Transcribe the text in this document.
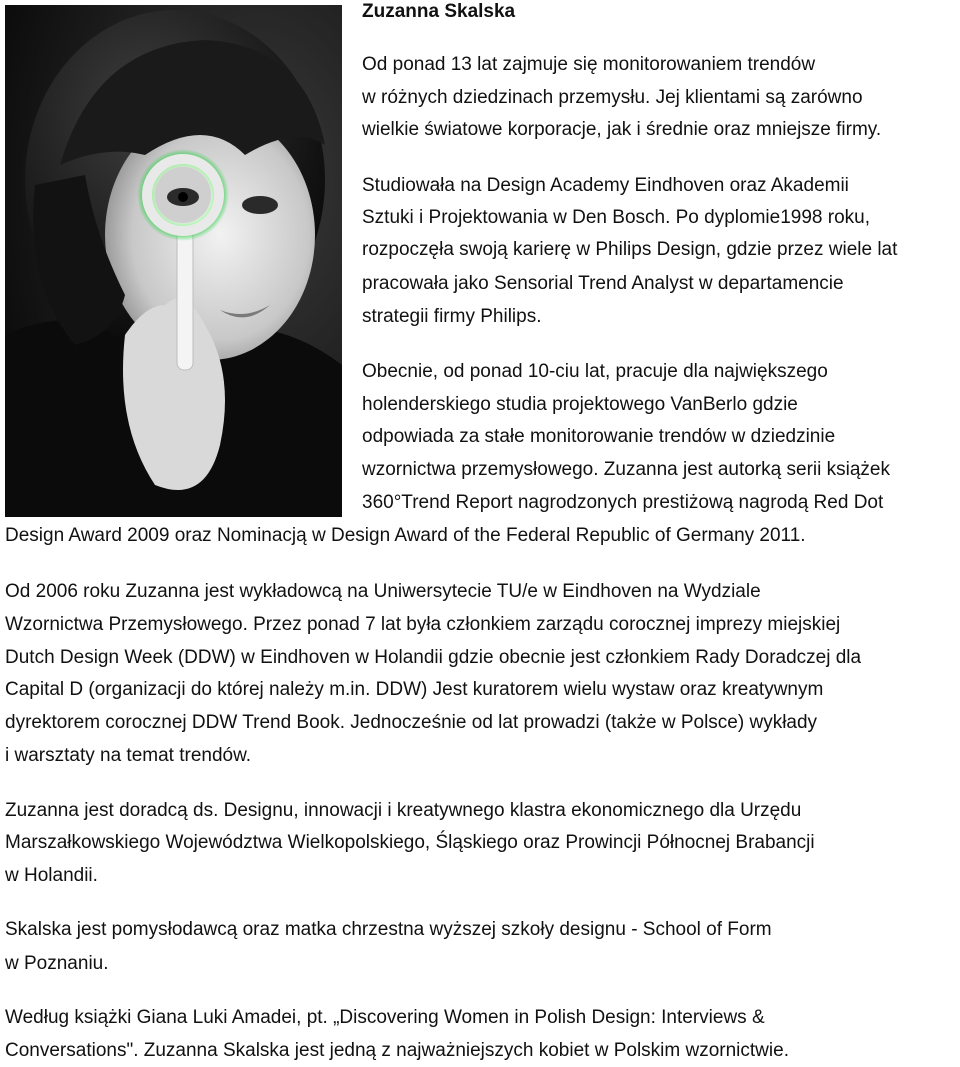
Zuzanna Skalska
Od ponad 13 lat zajmuje się monitorowaniem trendów
w różnych dziedzinach przemysłu. Jej klientami są zarówno
wielkie światowe korporacje, jak i średnie oraz mniejsze firmy.
Studiowała na Design Academy Eindhoven oraz Akademii
Sztuki i Projektowania w Den Bosch. Po dyplomie1998 roku,
rozpoczęła swoją karierę w Philips Design, gdzie przez wiele lat
pracowała jako Sensorial Trend Analyst w departamencie
strategii firmy Philips.
Obecnie, od ponad 10-ciu lat, pracuje dla największego
holenderskiego studia projektowego VanBerlo gdzie
odpowiada za stałe monitorowanie trendów w dziedzinie
wzornictwa przemysłowego. Zuzanna jest autorką serii książek
360°Trend Report nagrodzonych prestiżową nagrodą Red Dot
Design Award 2009 oraz Nominacją w Design Award of the Federal Republic of Germany 2011.
Od 2006 roku Zuzanna jest wykładowcą na Uniwersytecie TU/e w Eindhoven na Wydziale
Wzornictwa Przemysłowego. Przez ponad 7 lat była członkiem zarządu corocznej imprezy miejskiej
Dutch Design Week (DDW) w Eindhoven w Holandii gdzie obecnie jest członkiem Rady Doradczej dla
Capital D (organizacji do której należy m.in. DDW) Jest kuratorem wielu wystaw oraz kreatywnym
dyrektorem corocznej DDW Trend Book. Jednocześnie od lat prowadzi (także w Polsce) wykłady
i warsztaty na temat trendów.
Zuzanna jest doradcą ds. Designu, innowacji i kreatywnego klastra ekonomicznego dla Urzędu
Marszałkowskiego Województwa Wielkopolskiego, Śląskiego oraz Prowincji Północnej Brabancji
w Holandii.
Skalska jest pomysłodawcą oraz matka chrzestna wyższej szkoły designu - School of Form
w Poznaniu.
Według książki Giana Luki Amadei, pt. „Discovering Women in Polish Design: Interviews &
Conversations". Zuzanna Skalska jest jedną z najważniejszych kobiet w Polskim wzornictwie.
